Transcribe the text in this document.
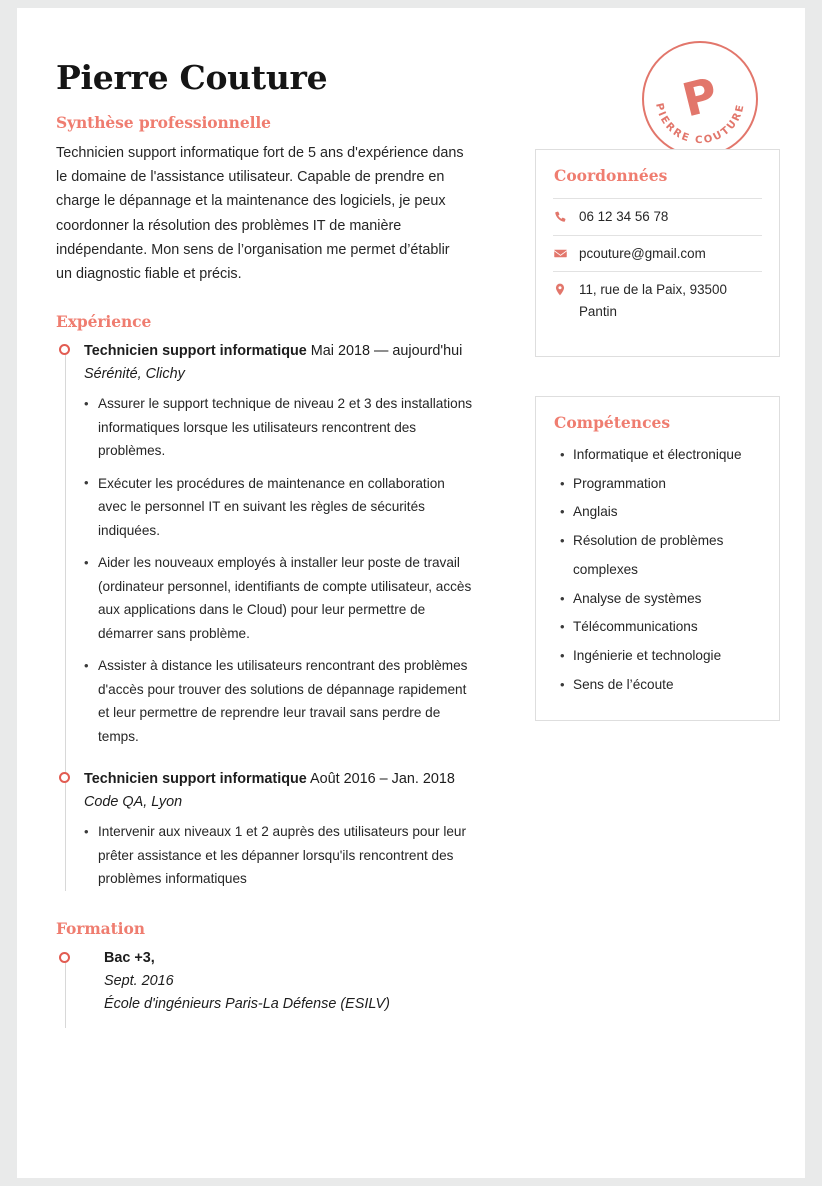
Pierre Couture	P
PIERRE COUTURE
Synthèse professionnelle

Technicien support informatique fort de 5 ans d'expérience dans le domaine de l'assistance utilisateur. Capable de prendre en charge le dépannage et la maintenance des logiciels, je peux coordonner la résolution des problèmes IT de manière indépendante. Mon sens de l’organisation me permet d’établir un diagnostic fiable et précis.

Expérience

Technicien support informatique Mai 2018 — aujourd'hui

Sérénité, Clichy

• Assurer le support technique de niveau 2 et 3 des installations informatiques lorsque les utilisateurs rencontrent des problèmes.
• Exécuter les procédures de maintenance en collaboration avec le personnel IT en suivant les règles de sécurités indiquées.
• Aider les nouveaux employés à installer leur poste de travail (ordinateur personnel, identifiants de compte utilisateur, accès aux applications dans le Cloud) pour leur permettre de démarrer sans problème.
• Assister à distance les utilisateurs rencontrant des problèmes d'accès pour trouver des solutions de dépannage rapidement et leur permettre de reprendre leur travail sans perdre de temps.

Technicien support informatique Août 2016 – Jan. 2018

Code QA, Lyon

• Intervenir aux niveaux 1 et 2 auprès des utilisateurs pour leur prêter assistance et les dépanner lorsqu'ils rencontrent des problèmes informatiques
Formation

Bac +3,

Sept. 2016

École d'ingénieurs Paris-La Défense (ESILV)

Coordonnées
06 12 34 56 78
pcouture@gmail.com
11, rue de la Paix, 93500 Pantin
Compétences
• Informatique et électronique
• Programmation
• Anglais
• Résolution de problèmes complexes
• Analyse de systèmes
• Télécommunications
• Ingénierie et technologie
• Sens de l’écoute
